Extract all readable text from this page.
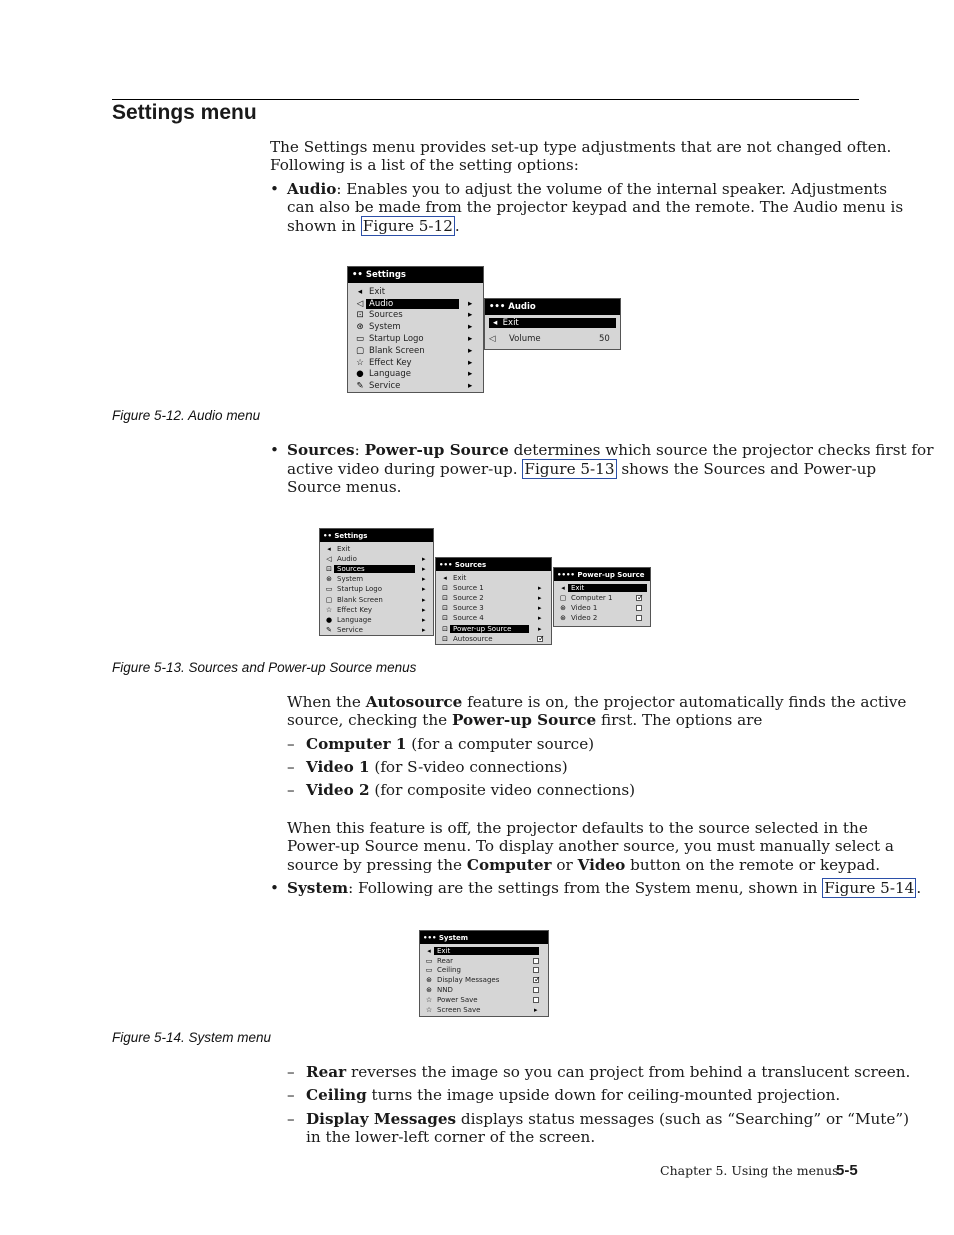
Settings menu
The Settings menu provides set-up type adjustments that are not changed often.
Following is a list of the setting options:
• Audio: Enables you to adjust the volume of the internal speaker. Adjustments
can also be made from the projector keypad and the remote. The Audio menu is
shown in Figure 5-12 .
••
Settings
◂ Exit
◁ Audio	▸
⊡ Sources	▸
⊛ System	▸
▭ Startup Logo	▸
▢ Blank Screen	▸
☆ Effect Key	▸
● Language	▸
✎ Service	▸
•••
Audio
◂ Exit
◁	Volume	50
Figure 5-12. Audio menu
• Sources: Power-up Source determines which source the projector checks first for
active video during power-up. Figure 5-13 shows the Sources and Power-up
Source menus.
••
Settings
◂ Exit
◁ Audio	▸
⊡ Sources	▸
⊛ System	▸
▭ Startup Logo	▸
▢ Blank Screen	▸
☆ Effect Key	▸
● Language	▸
✎ Service	▸
•••
Sources
◂ Exit
⊡ Source 1	▸
⊡ Source 2	▸
⊡ Source 3	▸
⊡ Source 4	▸
⊡ Power-up Source	▸
⊡ Autosource
✓
••••
Power-up Source
◂ Exit
▢ Computer 1
✓
⊛ Video 1
⊛ Video 2
Figure 5-13. Sources and Power-up Source menus
When the Autosource feature is on, the projector automatically finds the active
source, checking the Power-up Source first. The options are
– Computer 1 (for a computer source)
– Video 1 (for S-video connections)
– Video 2 (for composite video connections)
When this feature is off, the projector defaults to the source selected in the
Power-up Source menu. To display another source, you must manually select a
source by pressing the Computer or Video button on the remote or keypad.
• System: Following are the settings from the System menu, shown in Figure 5-14 .
•••
System
◂ Exit
▭ Rear
▭ Ceiling
⊛ Display Messages
✓
⊛ NND
☆ Power Save
☆ Screen Save	▸
Figure 5-14. System menu
– Rear reverses the image so you can project from behind a translucent screen.
– Ceiling turns the image upside down for ceiling-mounted projection.
– Display Messages displays status messages (such as “Searching” or “Mute”)
in the lower-left corner of the screen.
Chapter 5. Using the menus
5-5
